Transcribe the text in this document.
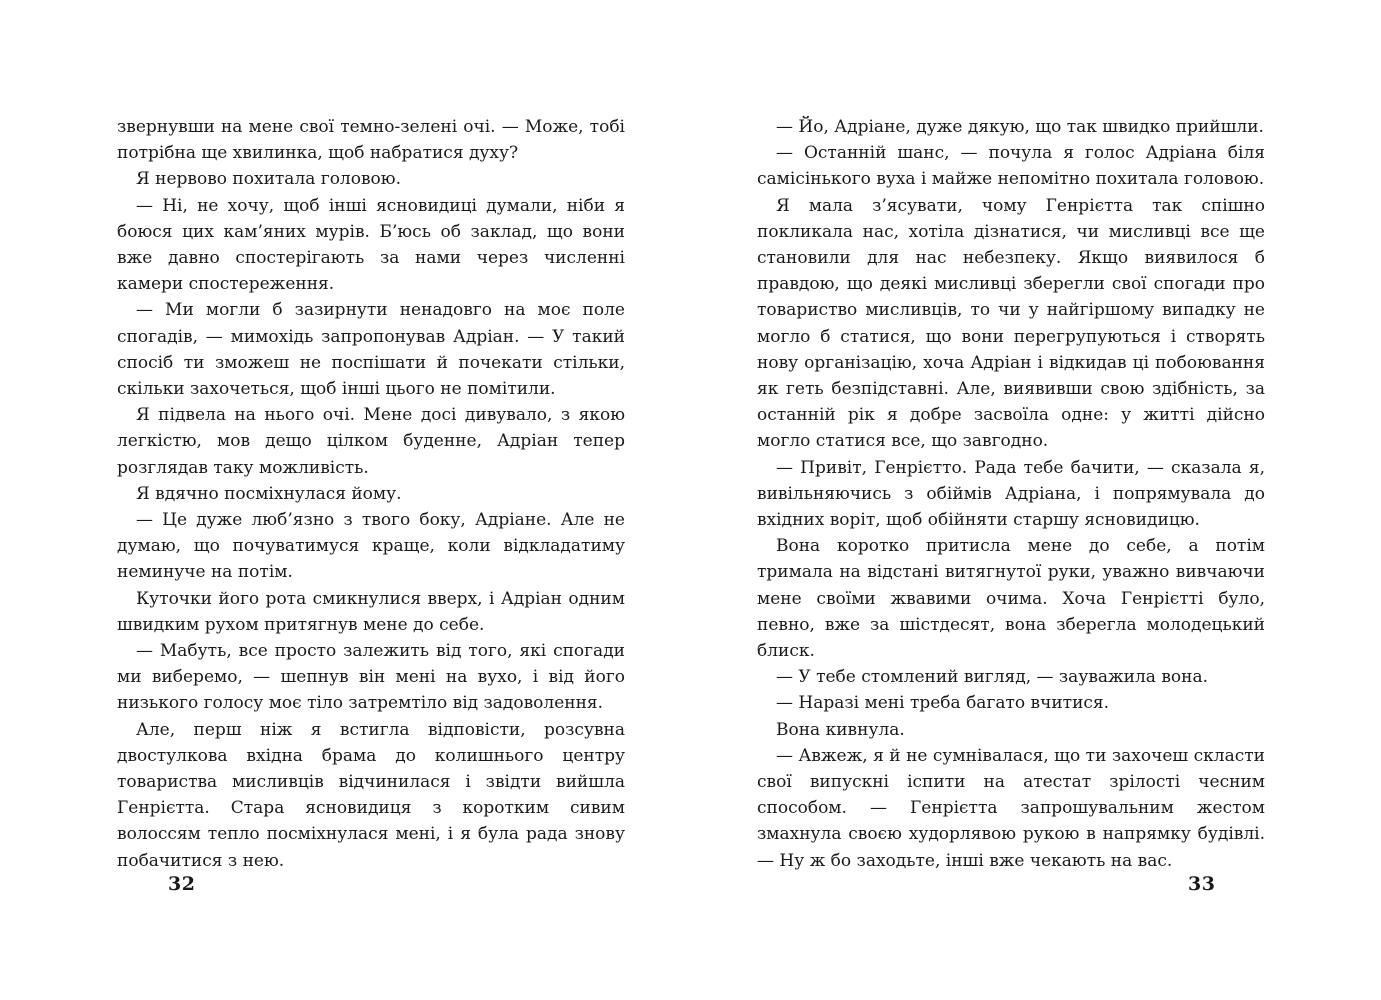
звернувши на мене свої темно-зелені очі. — Може, тобі потрібна ще хвилинка, щоб набратися духу?

Я нервово похитала головою.

— Ні, не хочу, щоб інші ясновидиці думали, ніби я боюся цих кам’яних мурів. Б’юсь об заклад, що вони вже давно спостерігають за нами через численні камери спостереження.

— Ми могли б зазирнути ненадовго на моє поле спогадів, — мимохідь запропонував Адріан. — У такий спосіб ти зможеш не поспішати й почекати стільки, скільки захочеться, щоб інші цього не помітили.

Я підвела на нього очі. Мене досі дивувало, з якою легкістю, мов дещо цілком буденне, Адріан тепер розглядав таку можливість.

Я вдячно посміхнулася йому.

— Це дуже люб’язно з твого боку, Адріане. Але не думаю, що почуватимуся краще, коли відкладатиму неминуче на потім.

Куточки його рота смикнулися вверх, і Адріан одним швидким рухом притягнув мене до себе.

— Мабуть, все просто залежить від того, які спогади ми виберемо, — шепнув він мені на вухо, і від його низького голосу моє тіло затремтіло від задоволення.

Але, перш ніж я встигла відповісти, розсувна двостулкова вхідна брама до колишнього центру товариства мисливців відчинилася і звідти вийшла Генрієтта. Стара ясновидиця з коротким сивим волоссям тепло посміхнулася мені, і я була рада знову побачитися з нею.

— Йо, Адріане, дуже дякую, що так швидко прийшли.

— Останній шанс, — почула я голос Адріана біля самісінького вуха і майже непомітно похитала головою.

Я мала з’ясувати, чому Генрієтта так спішно покликала нас, хотіла дізнатися, чи мисливці все ще становили для нас небезпеку. Якщо виявилося б правдою, що деякі мисливці зберегли свої спогади про товариство мисливців, то чи у найгіршому випадку не могло б статися, що вони перегрупуються і створять нову організацію, хоча Адріан і відкидав ці побоювання як геть безпідставні. Але, виявивши свою здібність, за останній рік я добре засвоїла одне: у житті дійсно могло статися все, що завгодно.

— Привіт, Генрієтто. Рада тебе бачити, — сказала я, вивільняючись з обіймів Адріана, і попрямувала до вхідних воріт, щоб обійняти старшу ясновидицю.

Вона коротко притисла мене до себе, а потім тримала на відстані витягнутої руки, уважно вивчаючи мене своїми жвавими очима. Хоча Генрієтті було, певно, вже за шістдесят, вона зберегла молодецький блиск.

— У тебе стомлений вигляд, — зауважила вона.

— Наразі мені треба багато вчитися.

Вона кивнула.

— Авжеж, я й не сумнівалася, що ти захочеш скласти свої випускні іспити на атестат зрілості чесним способом. — Генрієтта запрошувальним жестом змахнула своєю худорлявою рукою в напрямку будівлі. — Ну ж бо заходьте, інші вже чекають на вас.

32	33
